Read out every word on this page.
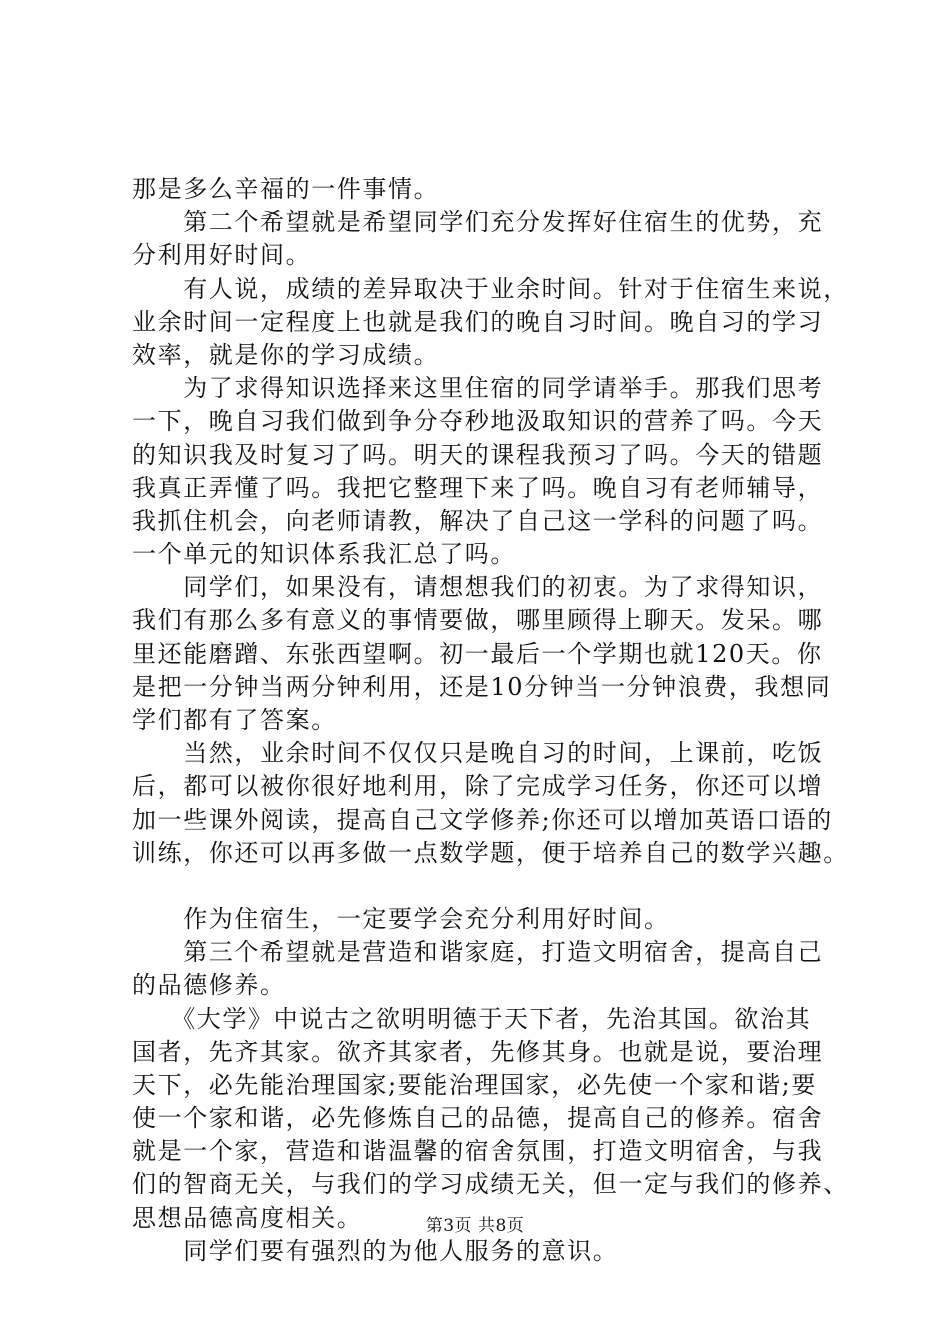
那是多么辛福的一件事情。
　　第二个希望就是希望同学们充分发挥好住宿生的优势，充
分利用好时间。
　　有人说，成绩的差异取决于业余时间。针对于住宿生来说，
业余时间一定程度上也就是我们的晚自习时间。晚自习的学习
效率，就是你的学习成绩。
　　为了求得知识选择来这里住宿的同学请举手。那我们思考
一下，晚自习我们做到争分夺秒地汲取知识的营养了吗。今天
的知识我及时复习了吗。明天的课程我预习了吗。今天的错题
我真正弄懂了吗。我把它整理下来了吗。晚自习有老师辅导，
我抓住机会，向老师请教，解决了自己这一学科的问题了吗。
一个单元的知识体系我汇总了吗。
　　同学们，如果没有，请想想我们的初衷。为了求得知识，
我们有那么多有意义的事情要做，哪里顾得上聊天。发呆。哪
里还能磨蹭、东张西望啊。初一最后一个学期也就120天。你
是把一分钟当两分钟利用，还是10分钟当一分钟浪费，我想同
学们都有了答案。
　　当然，业余时间不仅仅只是晚自习的时间，上课前，吃饭
后，都可以被你很好地利用，除了完成学习任务，你还可以增
加一些课外阅读，提高自己文学修养;你还可以增加英语口语的
训练，你还可以再多做一点数学题，便于培养自己的数学兴趣。
　　作为住宿生，一定要学会充分利用好时间。
　　第三个希望就是营造和谐家庭，打造文明宿舍，提高自己
的品德修养。
　　《大学》中说古之欲明明德于天下者，先治其国。欲治其
国者，先齐其家。欲齐其家者，先修其身。也就是说，要治理
天下，必先能治理国家;要能治理国家，必先使一个家和谐;要
使一个家和谐，必先修炼自己的品德，提高自己的修养。宿舍
就是一个家，营造和谐温馨的宿舍氛围，打造文明宿舍，与我
们的智商无关，与我们的学习成绩无关，但一定与我们的修养、
思想品德高度相关。
　　同学们要有强烈的为他人服务的意识。
第3页 共8页
